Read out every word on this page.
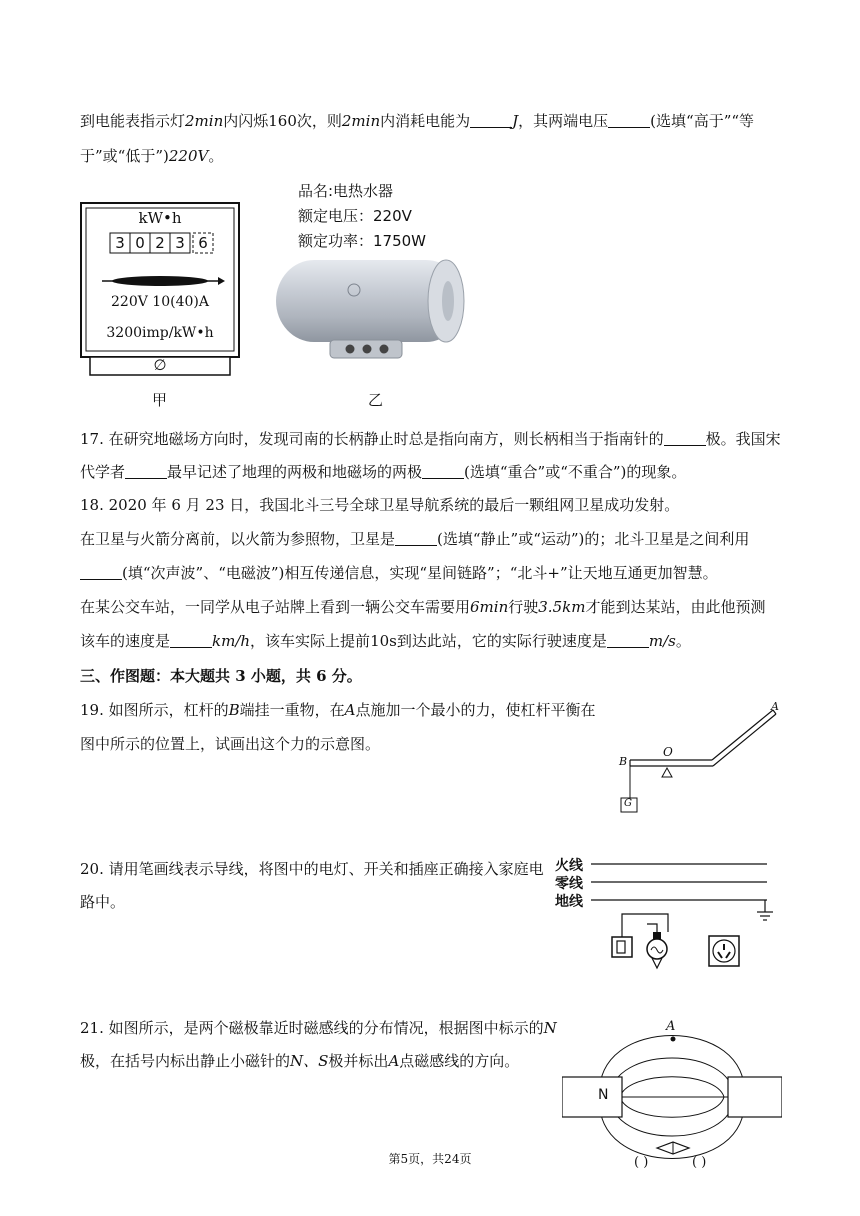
到电能表指示灯2min内闪烁160次，则2min内消耗电能为	J，其两端电压	(选填“高于”“等
于”或“低于”)220V。
kW•h
3 0 2 3 6
220V 10(40)A
3200imp/kW•h
∅
甲
品名:电热水器
额定电压：220V
额定功率：1750W
乙
17. 在研究地磁场方向时，发现司南的长柄静止时总是指向南方，则长柄相当于指南针的	极。我国宋
代学者	最早记述了地理的两极和地磁场的两极	(选填“重合”或“不重合”)的现象。
18. 2020 年 6 月 23 日，我国北斗三号全球卫星导航系统的最后一颗组网卫星成功发射。
在卫星与火箭分离前，以火箭为参照物，卫星是	(选填“静止”或“运动”)的；北斗卫星是之间利用
(填“次声波”、“电磁波”)相互传递信息，实现“星间链路”；“北斗+”让天地互通更加智慧。
在某公交车站，一同学从电子站牌上看到一辆公交车需要用6min行驶3.5km才能到达某站，由此他预测
该车的速度是	km/h，该车实际上提前10s到达此站，它的实际行驶速度是	m/s。
三、作图题：本大题共 3 小题，共 6 分。
19. 如图所示，杠杆的B端挂一重物，在A点施加一个最小的力，使杠杆平衡在
图中所示的位置上，试画出这个力的示意图。
A
B
O
G
20. 请用笔画线表示导线，将图中的电灯、开关和插座正确接入家庭电
路中。
火线
零线
地线
21. 如图所示，是两个磁极靠近时磁感线的分布情况，根据图中标示的N
极，在括号内标出静止小磁针的N、S极并标出A点磁感线的方向。
A
N
( )	( )
第5页，共24页
